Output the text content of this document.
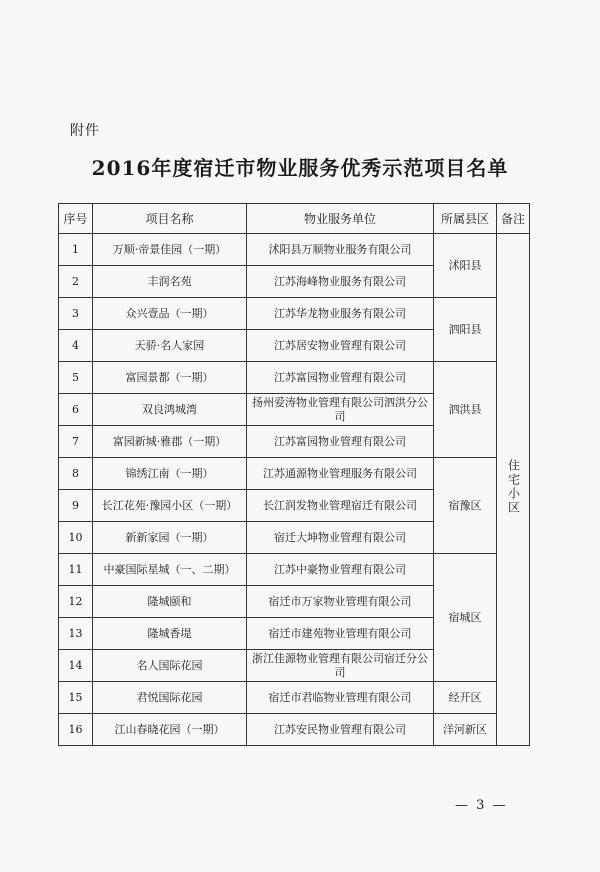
附件
2016年度宿迁市物业服务优秀示范项目名单
序号	项目名称	物业服务单位	所属县区	备注
1	万顺·帝景佳园（一期）	沭阳县万顺物业服务有限公司	沭阳县	住宅小区
2	丰润名苑	江苏海峰物业服务有限公司		
3	众兴壹品（一期）	江苏华龙物业服务有限公司	泗阳县	
4	天骄·名人家园	江苏居安物业管理有限公司		
5	富园景都（一期）	江苏富园物业管理有限公司	泗洪县	
6	双良鸿城湾	扬州爱涛物业管理有限公司泗洪分公司		
7	富园新城·雅郡（一期）	江苏富园物业管理有限公司		
8	锦绣江南（一期）	江苏通源物业管理服务有限公司	宿豫区	
9	长江花苑·豫园小区（一期）	长江润发物业管理宿迁有限公司		
10	新新家园（一期）	宿迁大坤物业管理有限公司		
11	中豪国际星城（一、二期）	江苏中豪物业管理有限公司	宿城区	
12	隆城颐和	宿迁市万家物业管理有限公司		
13	隆城香堤	宿迁市建苑物业管理有限公司		
14	名人国际花园	浙江佳源物业管理有限公司宿迁分公司		
15	君悦国际花园	宿迁市君临物业管理有限公司	经开区	
16	江山春晓花园（一期）	江苏安民物业管理有限公司	洋河新区	
— 3 —
